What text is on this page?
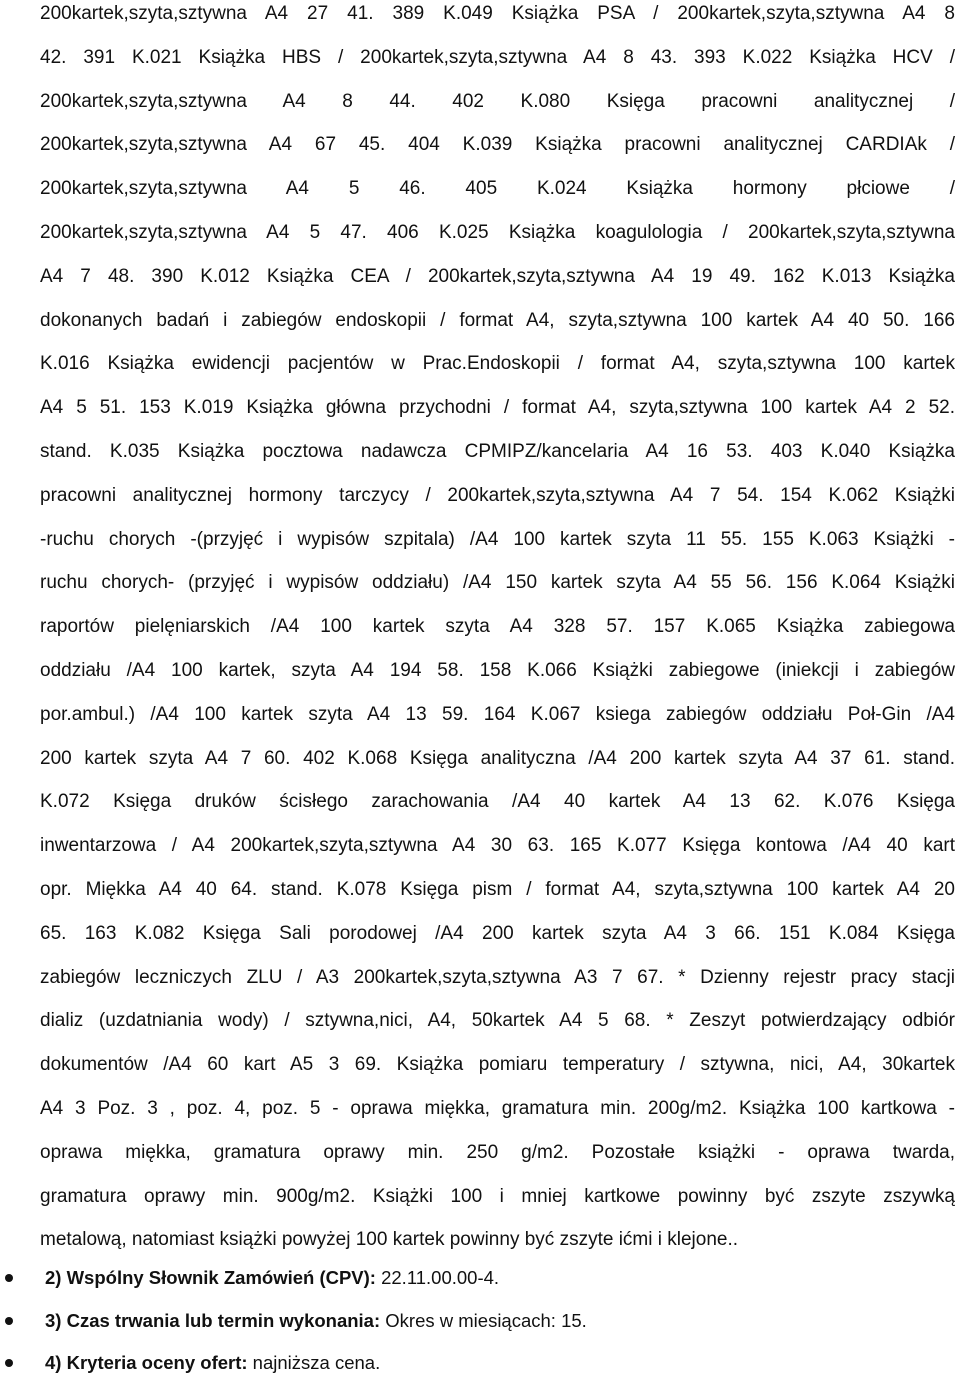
200kartek,szyta,sztywna A4 27 41. 389 K.049 Książka PSA / 200kartek,szyta,sztywna A4 8
42. 391 K.021 Książka HBS / 200kartek,szyta,sztywna A4 8 43. 393 K.022 Książka HCV /
200kartek,szyta,sztywna A4 8 44. 402 K.080 Księga pracowni analitycznej /
200kartek,szyta,sztywna A4 67 45. 404 K.039 Książka pracowni analitycznej CARDIAk /
200kartek,szyta,sztywna A4 5 46. 405 K.024 Książka hormony płciowe /
200kartek,szyta,sztywna A4 5 47. 406 K.025 Książka koagulologia / 200kartek,szyta,sztywna
A4 7 48. 390 K.012 Książka CEA / 200kartek,szyta,sztywna A4 19 49. 162 K.013 Książka
dokonanych badań i zabiegów endoskopii / format A4, szyta,sztywna 100 kartek A4 40 50. 166
K.016 Książka ewidencji pacjentów w Prac.Endoskopii / format A4, szyta,sztywna 100 kartek
A4 5 51. 153 K.019 Książka główna przychodni / format A4, szyta,sztywna 100 kartek A4 2 52.
stand. K.035 Książka pocztowa nadawcza CPMIPZ/kancelaria A4 16 53. 403 K.040 Książka
pracowni analitycznej hormony tarczycy / 200kartek,szyta,sztywna A4 7 54. 154 K.062 Książki
-ruchu chorych -(przyjęć i wypisów szpitala) /A4 100 kartek szyta 11 55. 155 K.063 Książki -
ruchu chorych- (przyjęć i wypisów oddziału) /A4 150 kartek szyta A4 55 56. 156 K.064 Książki
raportów pielęniarskich /A4 100 kartek szyta A4 328 57. 157 K.065 Książka zabiegowa
oddziału /A4 100 kartek, szyta A4 194 58. 158 K.066 Książki zabiegowe (iniekcji i zabiegów
por.ambul.) /A4 100 kartek szyta A4 13 59. 164 K.067 ksiega zabiegów oddziału Poł-Gin /A4
200 kartek szyta A4 7 60. 402 K.068 Księga analityczna /A4 200 kartek szyta A4 37 61. stand.
K.072 Księga druków ścisłego zarachowania /A4 40 kartek A4 13 62. K.076 Księga
inwentarzowa / A4 200kartek,szyta,sztywna A4 30 63. 165 K.077 Księga kontowa /A4 40 kart
opr. Miękka A4 40 64. stand. K.078 Księga pism / format A4, szyta,sztywna 100 kartek A4 20
65. 163 K.082 Księga Sali porodowej /A4 200 kartek szyta A4 3 66. 151 K.084 Księga
zabiegów leczniczych ZLU / A3 200kartek,szyta,sztywna A3 7 67. * Dzienny rejestr pracy stacji
dializ (uzdatniania wody) / sztywna,nici, A4, 50kartek A4 5 68. * Zeszyt potwierdzający odbiór
dokumentów /A4 60 kart A5 3 69. Książka pomiaru temperatury / sztywna, nici, A4, 30kartek
A4 3 Poz. 3 , poz. 4, poz. 5 - oprawa miękka, gramatura min. 200g/m2. Książka 100 kartkowa -
oprawa miękka, gramatura oprawy min. 250 g/m2. Pozostałe książki - oprawa twarda,
gramatura oprawy min. 900g/m2. Książki 100 i mniej kartkowe powinny być zszyte zszywką
metalową, natomiast książki powyżej 100 kartek powinny być zszyte ićmi i klejone..
2) Wspólny Słownik Zamówień (CPV): 22.11.00.00-4.
3) Czas trwania lub termin wykonania: Okres w miesiącach: 15.
4) Kryteria oceny ofert: najniższa cena.
